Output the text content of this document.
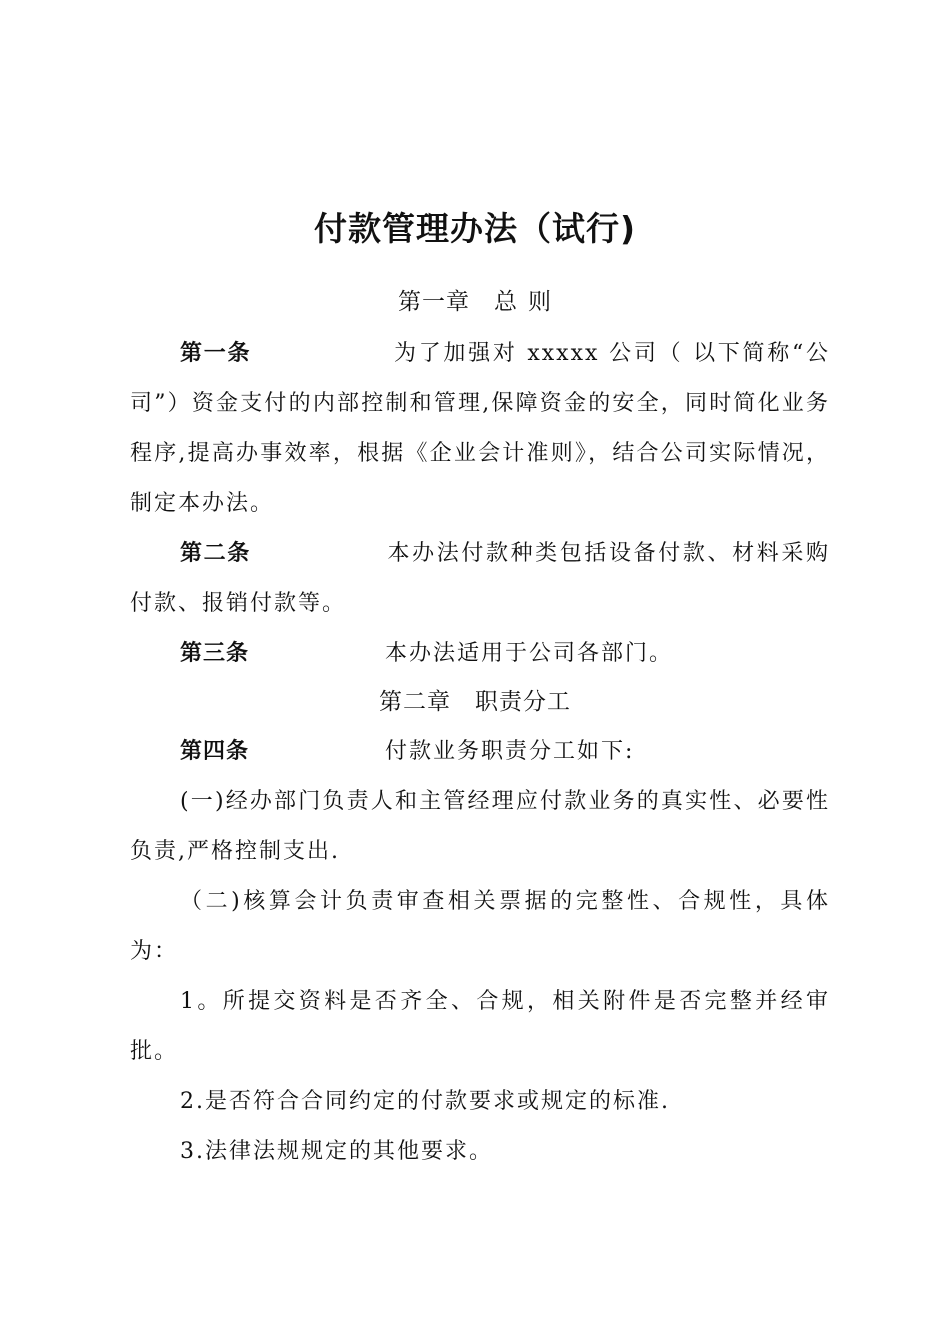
付款管理办法（试行)
第一章 总 则

第一条	为了加强对 xxxxx 公司（ 以下简称“公司”）资金支付的内部控制和管理,保障资金的安全，同时简化业务程序,提高办事效率，根据《企业会计准则》，结合公司实际情况，制定本办法。

第二条	本办法付款种类包括设备付款、材料采购付款、报销付款等。

第三条	本办法适用于公司各部门。

第二章 职责分工

第四条	付款业务职责分工如下:

(一)经办部门负责人和主管经理应付款业务的真实性、必要性负责,严格控制支出.

（二)核算会计负责审查相关票据的完整性、合规性，具体为：

1。所提交资料是否齐全、合规，相关附件是否完整并经审批。

2.是否符合合同约定的付款要求或规定的标准.

3.法律法规规定的其他要求。
